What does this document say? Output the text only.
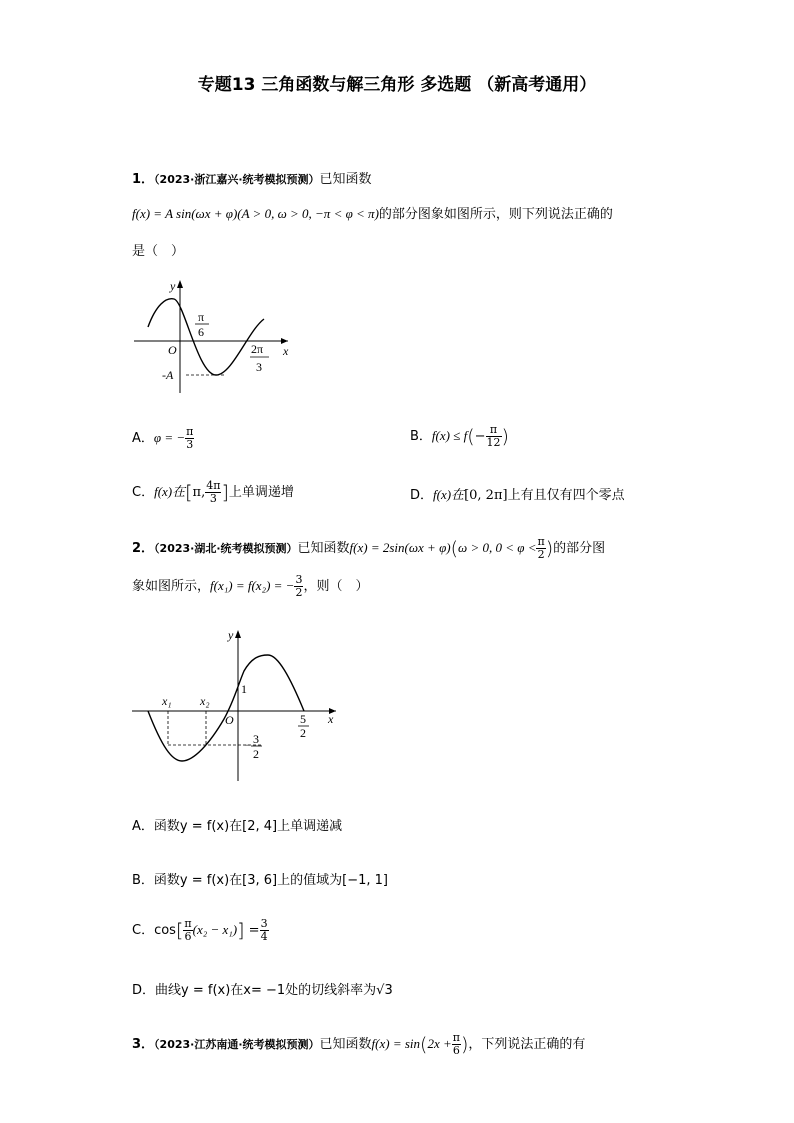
专题13 三角函数与解三角形 多选题 （新高考通用）
1．（2023·浙江嘉兴·统考模拟预测）已知函数
f(x) = A sin(ωx + φ)(A > 0, ω > 0, −π < φ < π)的部分图象如图所示，则下列说法正确的
是（　）
y
x
O
-A
π
6
2π
3
A．φ = − $\frac{\pi}{3}$	B．$f(x) \le f(- \frac{\pi}{12}$ )
C．f(x)在[π, $\frac{4\pi}{3}$ ]上单调递增	D．f(x)在[0, 2π]上有且仅有四个零点
2．（2023·湖北·统考模拟预测）已知函数f(x) = 2sin(ωx + φ)(ω > 0, $0 < \varphi < \frac{\pi}{2}$ )的部分图
象如图所示，f(x₁) = f(x₂) = − $\frac{3}{2}$ ，则（　）
y
x
O
1
x₁ x₂
− 3
2
5
2
A．函数y = f(x)在[2, 4]上单调递减
B．函数y = f(x)在[3, 6]上的值域为[−1, 1]
C．$\cos[ \frac{\pi}{6} (x_2 - x_1)] = \frac{3}{4}$
D．曲线y = f(x)在x= −1处的切线斜率为√3
3．（2023·江苏南通·统考模拟预测）已知函数$f(x) = \sin(2x + \frac{\pi}{6}$ )，下列说法正确的有
